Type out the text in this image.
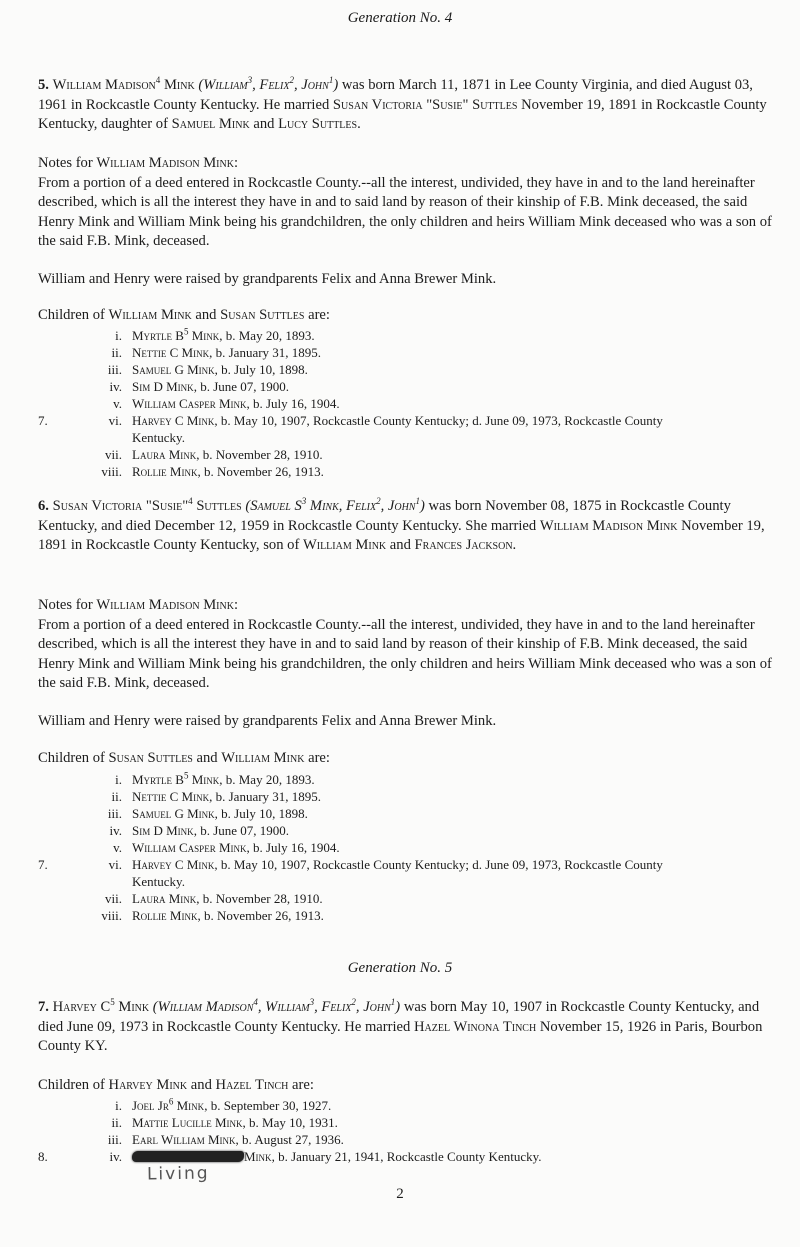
Generation No. 4
5. William Madison$^4$ Mink (William$^3$, Felix$^2$, John$^1$) was born March 11, 1871 in Lee County Virginia, and died August 03, 1961 in Rockcastle County Kentucky. He married Susan Victoria "Susie" Suttles November 19, 1891 in Rockcastle County Kentucky, daughter of Samuel Mink and Lucy Suttles.
Notes for William Madison Mink:
From a portion of a deed entered in Rockcastle County.--all the interest, undivided, they have in and to the land hereinafter described, which is all the interest they have in and to said land by reason of their kinship of F.B. Mink deceased, the said Henry Mink and William Mink being his grandchildren, the only children and heirs William Mink deceased who was a son of the said F.B. Mink, deceased.
William and Henry were raised by grandparents Felix and Anna Brewer Mink.
Children of William Mink and Susan Suttles are:
i. Myrtle $B^5$ Mink, b. May 20, 1893.
ii. Nettie C Mink, b. January 31, 1895.
iii. Samuel G Mink, b. July 10, 1898.
iv. Sim D Mink, b. June 07, 1900.
v. William Casper Mink, b. July 16, 1904.
7.	vi. Harvey C Mink, b. May 10, 1907, Rockcastle County Kentucky; d. June 09, 1973, Rockcastle County
Kentucky.
vii. Laura Mink, b. November 28, 1910.
viii. Rollie Mink, b. November 26, 1913.
6. Susan Victoria "Susie"$^4$ Suttles (Samuel $S^3$ Mink, Felix$^2$, John$^1$) was born November 08, 1875 in Rockcastle County Kentucky, and died December 12, 1959 in Rockcastle County Kentucky. She married William Madison Mink November 19, 1891 in Rockcastle County Kentucky, son of William Mink and Frances Jackson.
Notes for William Madison Mink:
From a portion of a deed entered in Rockcastle County.--all the interest, undivided, they have in and to the land hereinafter described, which is all the interest they have in and to said land by reason of their kinship of F.B. Mink deceased, the said Henry Mink and William Mink being his grandchildren, the only children and heirs William Mink deceased who was a son of the said F.B. Mink, deceased.
William and Henry were raised by grandparents Felix and Anna Brewer Mink.
Children of Susan Suttles and William Mink are:
i. Myrtle $B^5$ Mink, b. May 20, 1893.
ii. Nettie C Mink, b. January 31, 1895.
iii. Samuel G Mink, b. July 10, 1898.
iv. Sim D Mink, b. June 07, 1900.
v. William Casper Mink, b. July 16, 1904.
7.	vi. Harvey C Mink, b. May 10, 1907, Rockcastle County Kentucky; d. June 09, 1973, Rockcastle County
Kentucky.
vii. Laura Mink, b. November 28, 1910.
viii. Rollie Mink, b. November 26, 1913.
Generation No. 5
7. Harvey $C^5$ Mink (William Madison$^4$, William$^3$, Felix$^2$, John$^1$) was born May 10, 1907 in Rockcastle County Kentucky, and died June 09, 1973 in Rockcastle County Kentucky. He married Hazel Winona Tinch November 15, 1926 in Paris, Bourbon County KY.
Children of Harvey Mink and Hazel Tinch are:
i. Joel Jr$^6$ Mink, b. September 30, 1927.
ii. Mattie Lucille Mink, b. May 10, 1931.
iii. Earl William Mink, b. August 27, 1936.
8.	iv.	Mink, b. January 21, 1941, Rockcastle County Kentucky.
Living
2
